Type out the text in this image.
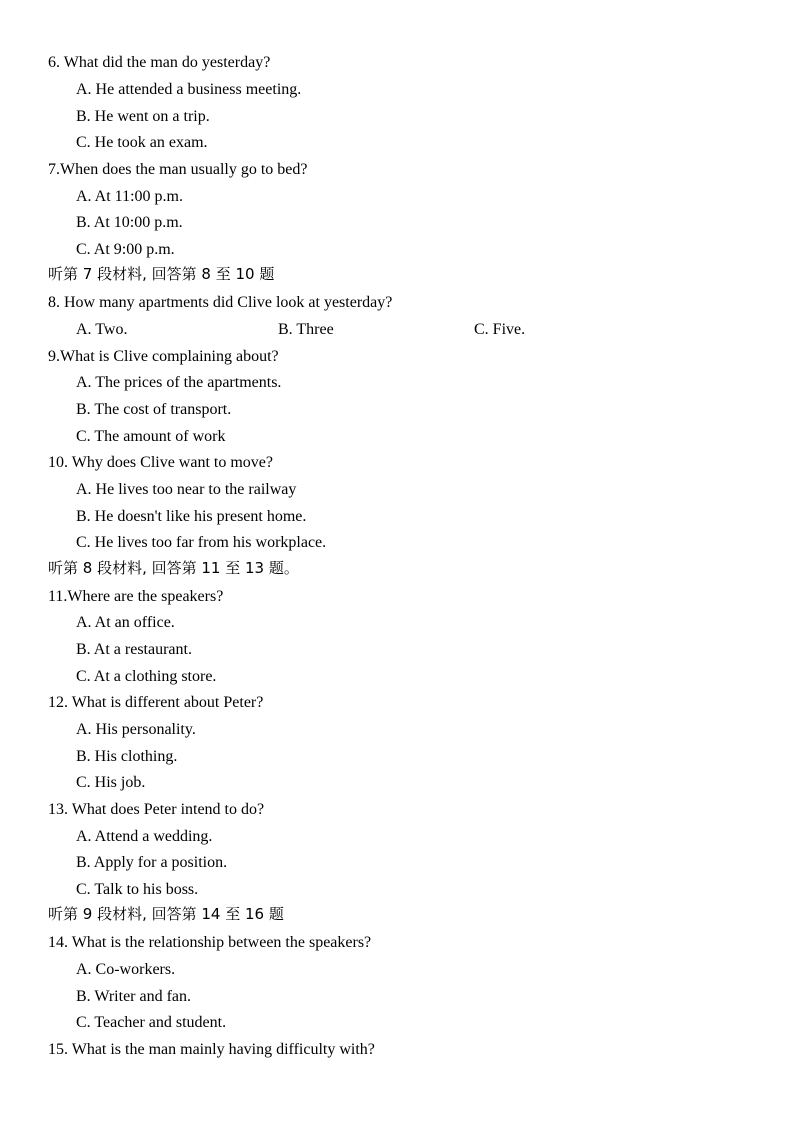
6. What did the man do yesterday?
A. He attended a business meeting.
B. He went on a trip.
C. He took an exam.
7.When does the man usually go to bed?
A. At 11:00 p.m.
B. At 10:00 p.m.
C. At 9:00 p.m.
听第 7 段材料, 回答第 8 至 10 题
8. How many apartments did Clive look at yesterday?
A. Two.	B. Three	C. Five.
9.What is Clive complaining about?
A. The prices of the apartments.
B. The cost of transport.
C. The amount of work
10. Why does Clive want to move?
A. He lives too near to the railway
B. He doesn't like his present home.
C. He lives too far from his workplace.
听第 8 段材料, 回答第 11 至 13 题。
11.Where are the speakers?
A. At an office.
B. At a restaurant.
C. At a clothing store.
12. What is different about Peter?
A. His personality.
B. His clothing.
C. His job.
13. What does Peter intend to do?
A. Attend a wedding.
B. Apply for a position.
C. Talk to his boss.
听第 9 段材料, 回答第 14 至 16 题
14. What is the relationship between the speakers?
A. Co-workers.
B. Writer and fan.
C. Teacher and student.
15. What is the man mainly having difficulty with?
